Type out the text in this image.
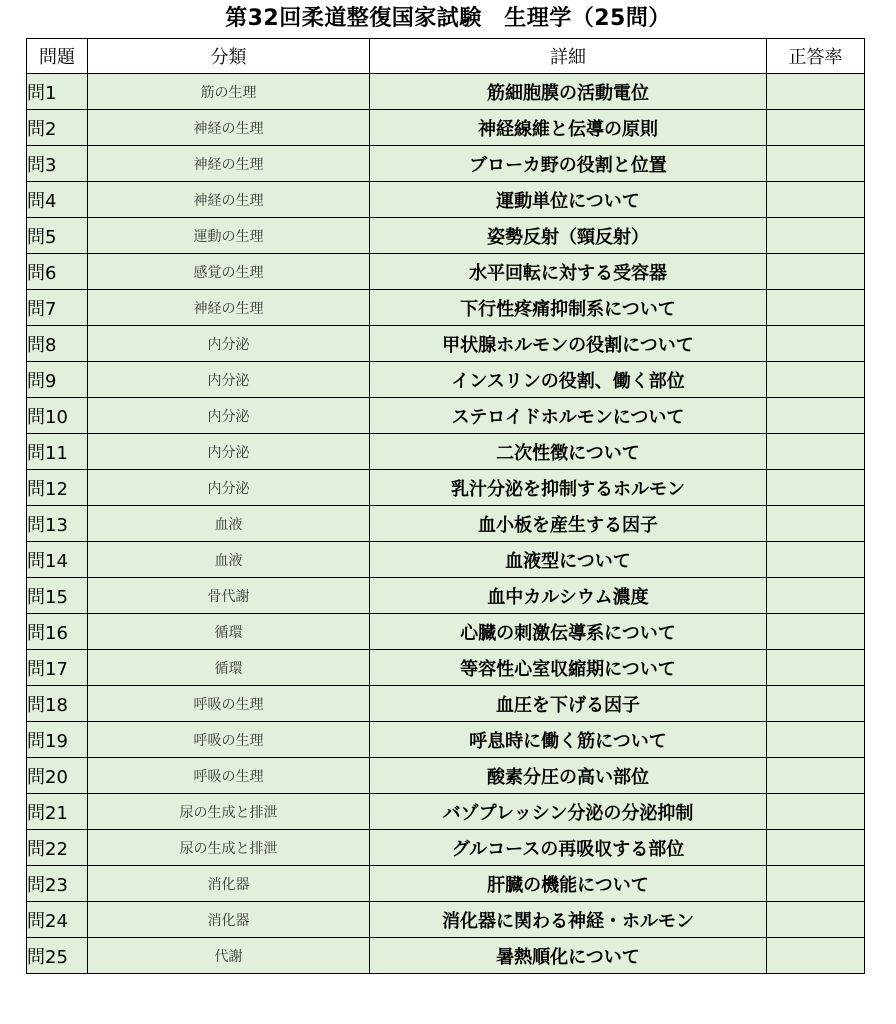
第32回柔道整復国家試験　生理学（25問）
問題	分類	詳細	正答率
問1	筋の生理	筋細胞膜の活動電位	
問2	神経の生理	神経線維と伝導の原則	
問3	神経の生理	ブローカ野の役割と位置	
問4	神経の生理	運動単位について	
問5	運動の生理	姿勢反射（頸反射）	
問6	感覚の生理	水平回転に対する受容器	
問7	神経の生理	下行性疼痛抑制系について	
問8	内分泌	甲状腺ホルモンの役割について	
問9	内分泌	インスリンの役割、働く部位	
問10	内分泌	ステロイドホルモンについて	
問11	内分泌	二次性徴について	
問12	内分泌	乳汁分泌を抑制するホルモン	
問13	血液	血小板を産生する因子	
問14	血液	血液型について	
問15	骨代謝	血中カルシウム濃度	
問16	循環	心臓の刺激伝導系について	
問17	循環	等容性心室収縮期について	
問18	呼吸の生理	血圧を下げる因子	
問19	呼吸の生理	呼息時に働く筋について	
問20	呼吸の生理	酸素分圧の高い部位	
問21	尿の生成と排泄	バゾプレッシン分泌の分泌抑制	
問22	尿の生成と排泄	グルコースの再吸収する部位	
問23	消化器	肝臓の機能について	
問24	消化器	消化器に関わる神経・ホルモン	
問25	代謝	暑熱順化について	
